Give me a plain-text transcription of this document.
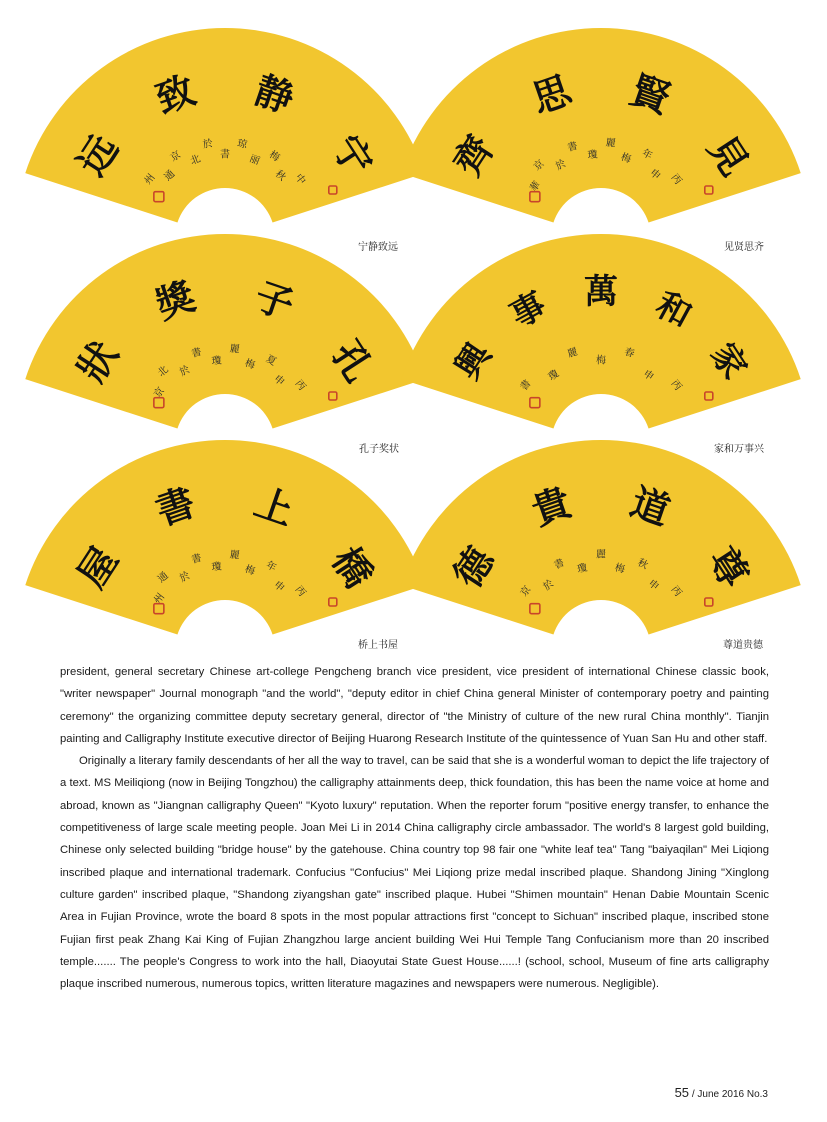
宁
静
致
远	中
秋
梅
丽
琼
書
於
北
京
通
州	見
賢
思
齊	丙
申
年
梅
麗
瓊
書
於
京
華
孔
子
獎
狀	丙
申
夏
梅
麗
瓊
書
於
北
京
家
和
萬
事
興	丙
申
春
梅
麗
瓊
書
橋
上
書
屋	丙
申
年
梅
麗
瓊
書
於
通
州
尊
道
貴
德	丙
申
秋
梅
麗
瓊
書
於
京
宁静致远	见贤思齐
孔子奖状	家和万事兴
桥上书屋	尊道贵德

president, general secretary Chinese art-college Pengcheng branch vice president, vice president of international Chinese classic book, "writer newspaper" Journal monograph "and the world", "deputy editor in chief China general Minister of contemporary poetry and painting ceremony" the organizing committee deputy secretary general, director of "the Ministry of culture of the new rural China monthly". Tianjin painting and Calligraphy Institute executive director of Beijing Huarong Research Institute of the quintessence of Yuan San Hu and other staff.

Originally a literary family descendants of her all the way to travel, can be said that she is a wonderful woman to depict the life trajectory of a text. MS Meiliqiong (now in Beijing Tongzhou) the calligraphy attainments deep, thick foundation, this has been the name voice at home and abroad, known as "Jiangnan calligraphy Queen" "Kyoto luxury" reputation. When the reporter forum "positive energy transfer, to enhance the competitiveness of large scale meeting people. Joan Mei Li in 2014 China calligraphy circle ambassador. The world's 8 largest gold building, Chinese only selected building "bridge house" by the gatehouse. China country top 98 fair one "white leaf tea" Tang "baiyaqilan" Mei Liqiong inscribed plaque and international trademark. Confucius "Confucius" Mei Liqiong prize medal inscribed plaque. Shandong Jining "Xinglong culture garden" inscribed plaque, "Shandong ziyangshan gate" inscribed plaque. Hubei "Shimen mountain" Henan Dabie Mountain Scenic Area in Fujian Province, wrote the board 8 spots in the most popular attractions first "concept to Sichuan" inscribed plaque, inscribed stone Fujian first peak Zhang Kai King of Fujian Zhangzhou large ancient building Wei Hui Temple Tang Confucianism more than 20 inscribed temple....... The people's Congress to work into the hall, Diaoyutai State Guest House......! (school, school, Museum of fine arts calligraphy plaque inscribed numerous, numerous topics, written literature magazines and newspapers were numerous. Negligible).

55 / June 2016 No.3
